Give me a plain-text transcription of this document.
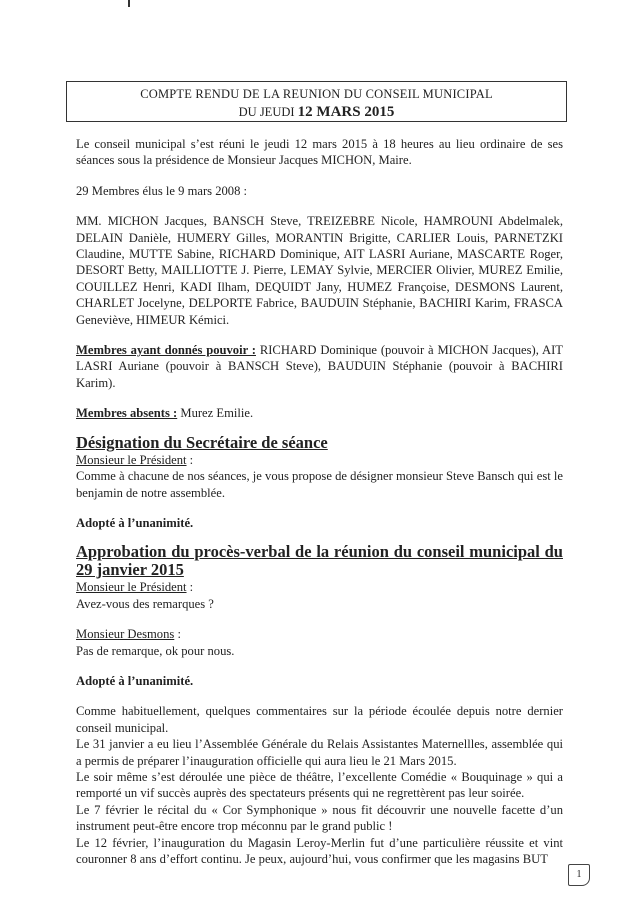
COMPTE RENDU DE LA REUNION DU CONSEIL MUNICIPAL
DU JEUDI 12 MARS 2015

Le conseil municipal s’est réuni le jeudi 12 mars 2015 à 18 heures au lieu ordinaire de ses séances sous la présidence de Monsieur Jacques MICHON, Maire.

29 Membres élus le 9 mars 2008 :

MM. MICHON Jacques, BANSCH Steve, TREIZEBRE Nicole, HAMROUNI Abdelmalek, DELAIN Danièle, HUMERY Gilles, MORANTIN Brigitte, CARLIER Louis, PARNETZKI Claudine, MUTTE Sabine, RICHARD Dominique, AIT LASRI Auriane, MASCARTE Roger, DESORT Betty, MAILLIOTTE J. Pierre, LEMAY Sylvie, MERCIER Olivier, MUREZ Emilie, COUILLEZ Henri, KADI Ilham, DEQUIDT Jany, HUMEZ Françoise, DESMONS Laurent, CHARLET Jocelyne, DELPORTE Fabrice, BAUDUIN Stéphanie, BACHIRI Karim, FRASCA Geneviève, HIMEUR Kémici.

Membres ayant donnés pouvoir : RICHARD Dominique (pouvoir à MICHON Jacques), AIT LASRI Auriane (pouvoir à BANSCH Steve), BAUDUIN Stéphanie (pouvoir à BACHIRI Karim).

Membres absents : Murez Emilie.

Désignation du Secrétaire de séance

Monsieur le Président :

Comme à chacune de nos séances, je vous propose de désigner monsieur Steve Bansch qui est le benjamin de notre assemblée.

Adopté à l’unanimité.

Approbation du procès-verbal de la réunion du conseil municipal du

29 janvier 2015

Monsieur le Président :

Avez-vous des remarques ?

Monsieur Desmons :

Pas de remarque, ok pour nous.

Adopté à l’unanimité.

Comme habituellement, quelques commentaires sur la période écoulée depuis notre dernier conseil municipal.

Le 31 janvier a eu lieu l’Assemblée Générale du Relais Assistantes Maternellles, assemblée qui a permis de préparer l’inauguration officielle qui aura lieu le 21 Mars 2015.

Le soir même s’est déroulée une pièce de théâtre, l’excellente Comédie « Bouquinage » qui a remporté un vif succès auprès des spectateurs présents qui ne regrettèrent pas leur soirée.

Le 7 février le récital du « Cor Symphonique » nous fit découvrir une nouvelle facette d’un instrument peut-être encore trop méconnu par le grand public !

Le 12 février, l’inauguration du Magasin Leroy-Merlin fut d’une particulière réussite et vint couronner 8 ans d’effort continu. Je peux, aujourd’hui, vous confirmer que les magasins BUT

1
